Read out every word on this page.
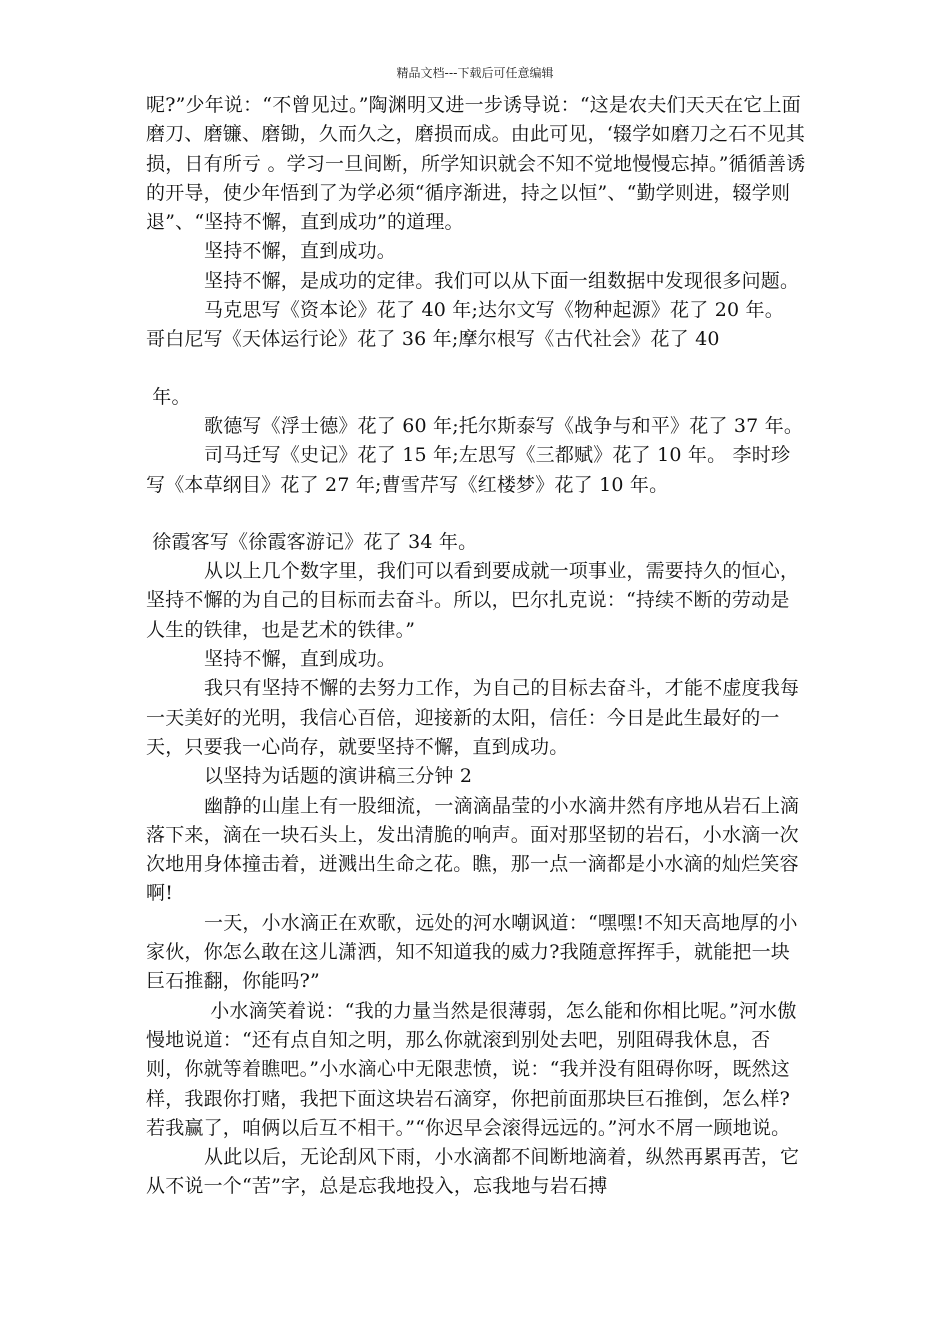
精品文档---下载后可任意编辑

呢?”少年说：“不曾见过。”陶渊明又进一步诱导说：“这是农夫们天天在它上面磨刀、磨镰、磨锄，久而久之，磨损而成。由此可见，‘辍学如磨刀之石不见其损，日有所亏 。学习一旦间断，所学知识就会不知不觉地慢慢忘掉。”循循善诱的开导，使少年悟到了为学必须“循序渐进，持之以恒”、“勤学则进，辍学则退”、“坚持不懈，直到成功”的道理。

坚持不懈，直到成功。

坚持不懈，是成功的定律。我们可以从下面一组数据中发现很多问题。

马克思写《资本论》花了 40 年;达尔文写《物种起源》花了 20 年。 哥白尼写《天体运行论》花了 36 年;摩尔根写《古代社会》花了 40

年。

歌德写《浮士德》花了 60 年;托尔斯泰写《战争与和平》花了 37 年。

司马迁写《史记》花了 15 年;左思写《三都赋》花了 10 年。 李时珍写《本草纲目》花了 27 年;曹雪芹写《红楼梦》花了 10 年。

徐霞客写《徐霞客游记》花了 34 年。

从以上几个数字里，我们可以看到要成就一项事业，需要持久的恒心，坚持不懈的为自己的目标而去奋斗。所以，巴尔扎克说：“持续不断的劳动是人生的铁律，也是艺术的铁律。”

坚持不懈，直到成功。

我只有坚持不懈的去努力工作，为自己的目标去奋斗，才能不虚度我每一天美好的光明，我信心百倍，迎接新的太阳，信任：今日是此生最好的一天，只要我一心尚存，就要坚持不懈，直到成功。

以坚持为话题的演讲稿三分钟 2

幽静的山崖上有一股细流，一滴滴晶莹的小水滴井然有序地从岩石上滴落下来，滴在一块石头上，发出清脆的响声。面对那坚韧的岩石，小水滴一次次地用身体撞击着，迸溅出生命之花。瞧，那一点一滴都是小水滴的灿烂笑容啊!

一天，小水滴正在欢歌，远处的河水嘲讽道：“嘿嘿!不知天高地厚的小家伙，你怎么敢在这儿潇洒，知不知道我的威力?我随意挥挥手，就能把一块巨石推翻，你能吗?”

小水滴笑着说：“我的力量当然是很薄弱，怎么能和你相比呢。”河水傲慢地说道：“还有点自知之明，那么你就滚到别处去吧，别阻碍我休息，否则，你就等着瞧吧。”小水滴心中无限悲愤，说：“我并没有阻碍你呀，既然这样，我跟你打赌，我把下面这块岩石滴穿，你把前面那块巨石推倒，怎么样?若我赢了，咱俩以后互不相干。”“你迟早会滚得远远的。”河水不屑一顾地说。

从此以后，无论刮风下雨，小水滴都不间断地滴着，纵然再累再苦，它从不说一个“苦”字，总是忘我地投入，忘我地与岩石搏
